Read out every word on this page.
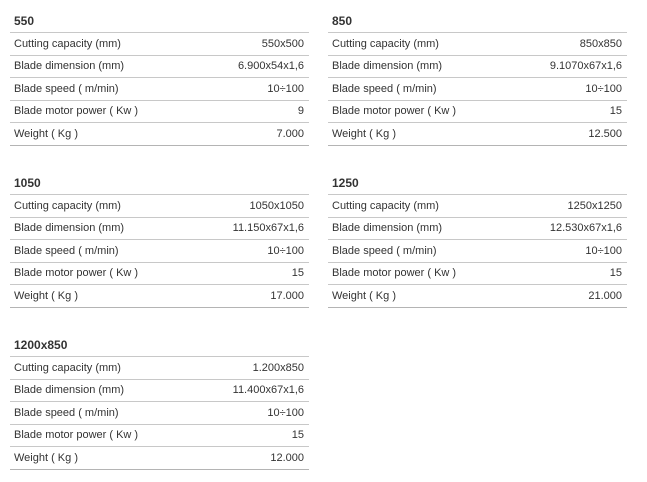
550
Cutting capacity (mm)	550x500
Blade dimension (mm)	6.900x54x1,6
Blade speed ( m/min)	10÷100
Blade motor power ( Kw )	9
Weight ( Kg )	7.000
850
Cutting capacity (mm)	850x850
Blade dimension (mm)	9.1070x67x1,6
Blade speed ( m/min)	10÷100
Blade motor power ( Kw )	15
Weight ( Kg )	12.500
1050
Cutting capacity (mm)	1050x1050
Blade dimension (mm)	11.150x67x1,6
Blade speed ( m/min)	10÷100
Blade motor power ( Kw )	15
Weight ( Kg )	17.000
1250
Cutting capacity (mm)	1250x1250
Blade dimension (mm)	12.530x67x1,6
Blade speed ( m/min)	10÷100
Blade motor power ( Kw )	15
Weight ( Kg )	21.000
1200x850
Cutting capacity (mm)	1.200x850
Blade dimension (mm)	11.400x67x1,6
Blade speed ( m/min)	10÷100
Blade motor power ( Kw )	15
Weight ( Kg )	12.000
